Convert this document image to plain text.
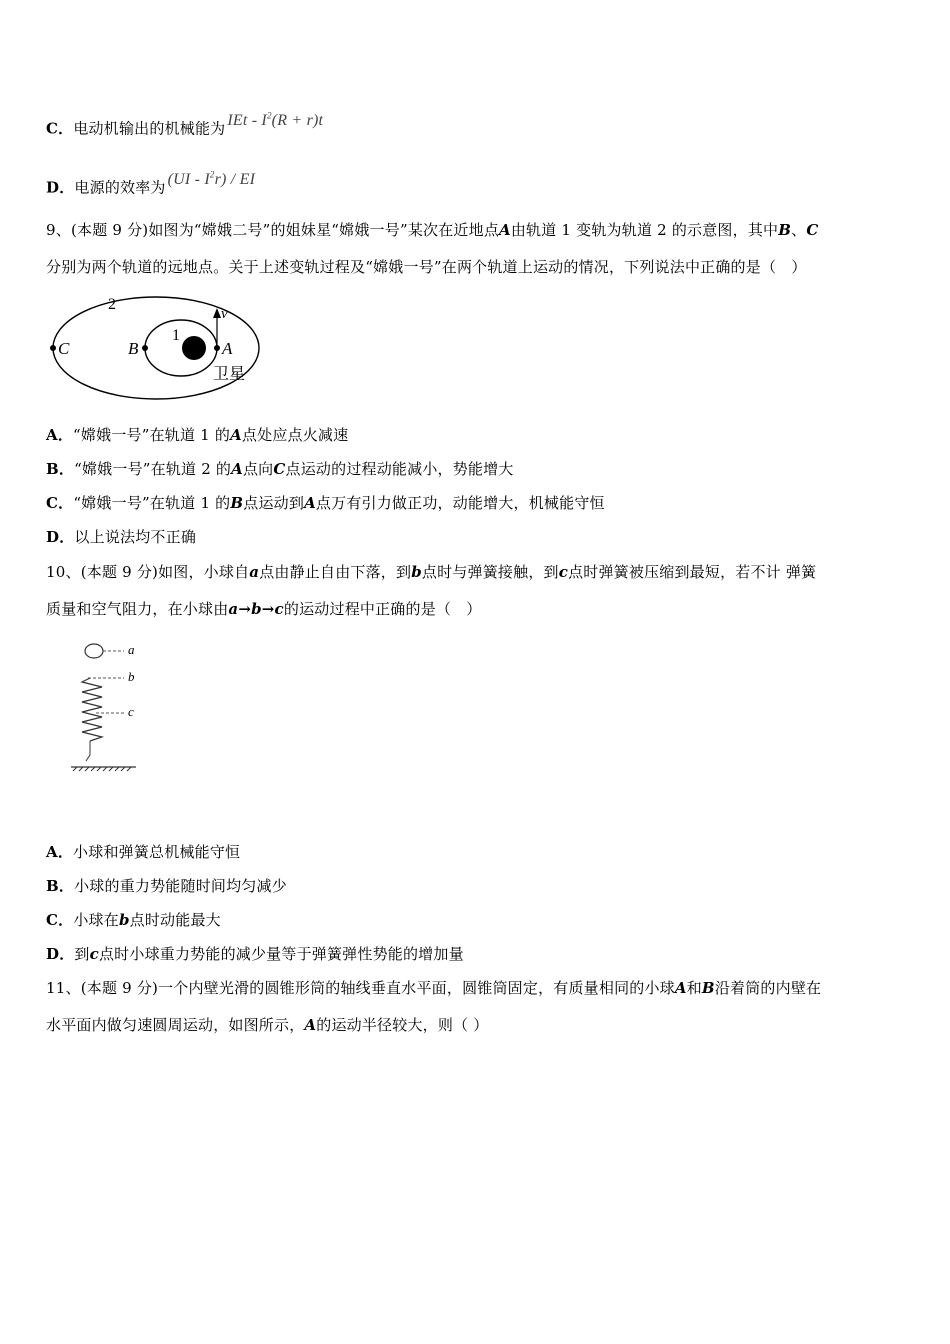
C．电动机输出的机械能为 IEt - $I^2(R + r)t$
D．电源的效率为 $(UI - I^2r)$ / EI
9、(本题 9 分)如图为“嫦娥二号”的姐妹星“嫦娥一号”某次在近地点A由轨道 1 变轨为轨道 2 的示意图，其中B、C
分别为两个轨道的远地点。关于上述变轨过程及“嫦娥一号”在两个轨道上运动的情况，下列说法中正确的是（　）
2
1
C	B	A
v
卫星
A．“嫦娥一号”在轨道 1 的A点处应点火减速
B．“嫦娥一号”在轨道 2 的A点向C点运动的过程动能减小，势能增大
C．“嫦娥一号”在轨道 1 的B点运动到A点万有引力做正功，动能增大，机械能守恒
D．以上说法均不正确
10、(本题 9 分)如图，小球自a点由静止自由下落，到b点时与弹簧接触，到c点时弹簧被压缩到最短，若不计 弹簧
质量和空气阻力，在小球由a→b→c的运动过程中正确的是（　）
a
b
c
A．小球和弹簧总机械能守恒
B．小球的重力势能随时间均匀减少
C．小球在b点时动能最大
D．到c点时小球重力势能的减少量等于弹簧弹性势能的增加量
11、(本题 9 分)一个内壁光滑的圆锥形筒的轴线垂直水平面，圆锥筒固定，有质量相同的小球A和B沿着筒的内壁在
水平面内做匀速圆周运动，如图所示，A的运动半径较大，则（ ）
